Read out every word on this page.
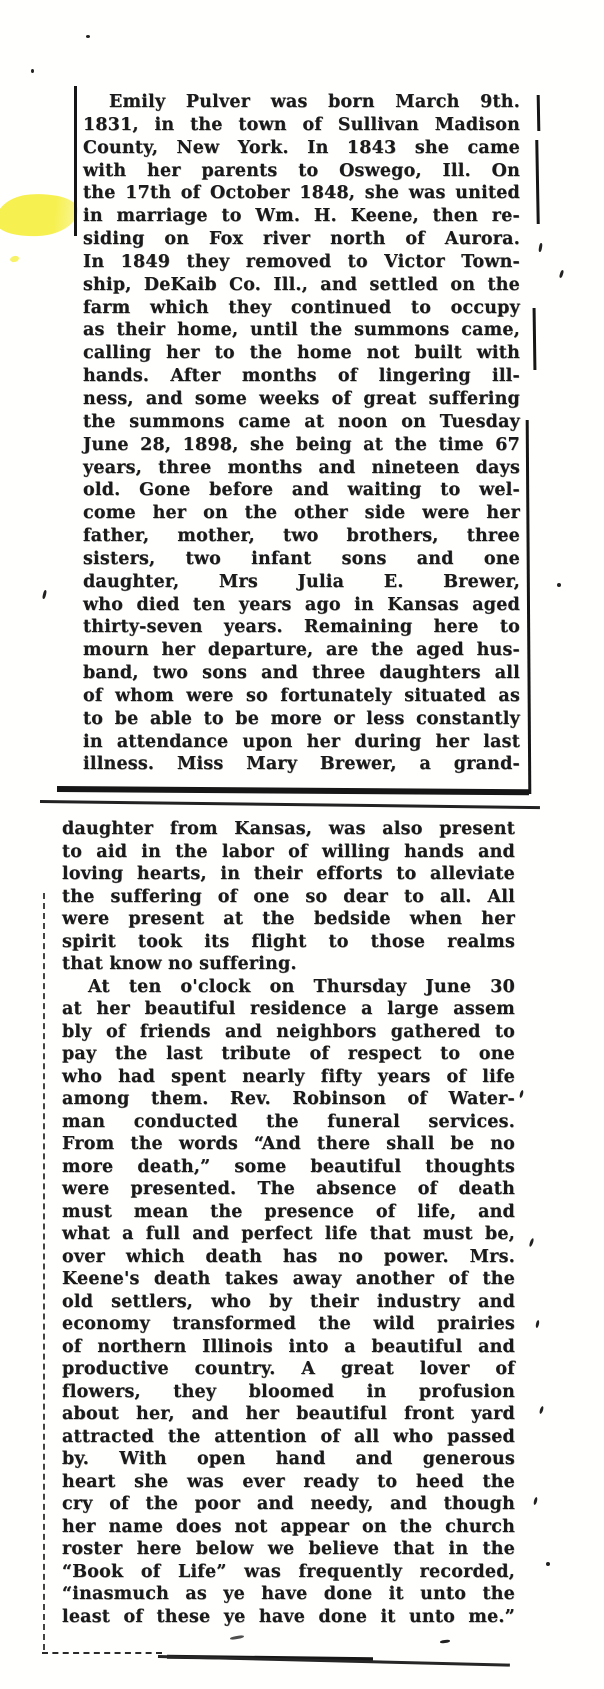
Emily Pulver was born March 9th.
1831, in the town of Sullivan Madison
County, New York. In 1843 she came
with her parents to Oswego, Ill. On
the 17th of October 1848, she was united
in marriage to Wm. H. Keene, then re-
siding on Fox river north of Aurora.
In 1849 they removed to Victor Town-
ship, DeKaib Co. Ill., and settled on the
farm which they continued to occupy
as their home, until the summons came,
calling her to the home not built with
hands. After months of lingering ill-
ness, and some weeks of great suffering
the summons came at noon on Tuesday
June 28, 1898, she being at the time 67
years, three months and nineteen days
old. Gone before and waiting to wel-
come her on the other side were her
father, mother, two brothers, three
sisters, two infant sons and one
daughter, Mrs Julia E. Brewer,
who died ten years ago in Kansas aged
thirty-seven years. Remaining here to
mourn her departure, are the aged hus-
band, two sons and three daughters all
of whom were so fortunately situated as
to be able to be more or less constantly
in attendance upon her during her last
illness. Miss Mary Brewer, a grand-
daughter from Kansas, was also present
to aid in the labor of willing hands and
loving hearts, in their efforts to alleviate
the suffering of one so dear to all. All
were present at the bedside when her
spirit took its flight to those realms
that know no suffering.
At ten o'clock on Thursday June 30
at her beautiful residence a large assem
bly of friends and neighbors gathered to
pay the last tribute of respect to one
who had spent nearly fifty years of life
among them. Rev. Robinson of Water-
man conducted the funeral services.
From the words “And there shall be no
more death,” some beautiful thoughts
were presented. The absence of death
must mean the presence of life, and
what a full and perfect life that must be,
over which death has no power. Mrs.
Keene's death takes away another of the
old settlers, who by their industry and
economy transformed the wild prairies
of northern Illinois into a beautiful and
productive country. A great lover of
flowers, they bloomed in profusion
about her, and her beautiful front yard
attracted the attention of all who passed
by. With open hand and generous
heart she was ever ready to heed the
cry of the poor and needy, and though
her name does not appear on the church
roster here below we believe that in the
“Book of Life” was frequently recorded,
“inasmuch as ye have done it unto the
least of these ye have done it unto me.”
